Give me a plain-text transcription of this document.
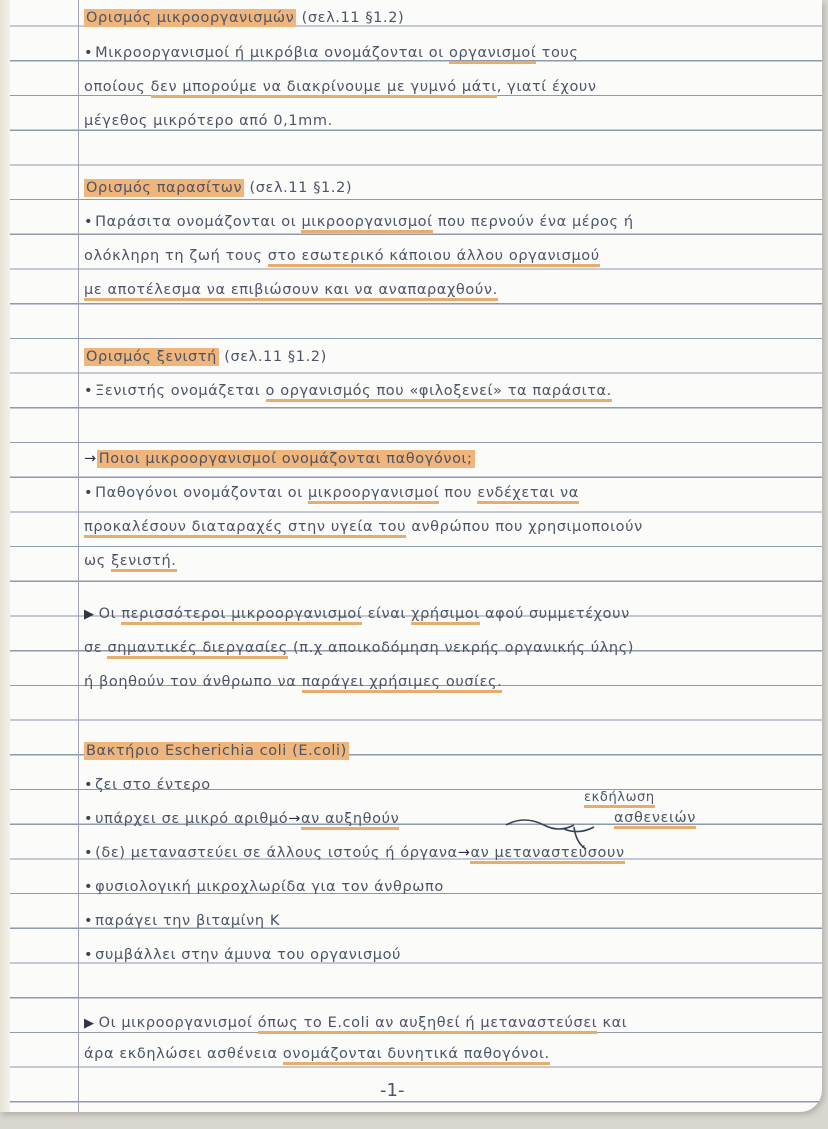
Ορισμός μικροοργανισμών (σελ.11 §1.2)
• Μικροοργανισμοί ή μικρόβια ονομάζονται οι οργανισμοί τους
οποίους δεν μπορούμε να διακρίνουμε με γυμνό μάτι, γιατί έχουν
μέγεθος μικρότερο από 0,1mm.
Ορισμός παρασίτων (σελ.11 §1.2)
• Παράσιτα ονομάζονται οι μικροοργανισμοί που περνούν ένα μέρος ή
ολόκληρη τη ζωή τους στο εσωτερικό κάποιου άλλου οργανισμού
με αποτέλεσμα να επιβιώσουν και να αναπαραχθούν.
Ορισμός ξενιστή (σελ.11 §1.2)
• Ξενιστής ονομάζεται ο οργανισμός που «φιλοξενεί» τα παράσιτα.
→ Ποιοι μικροοργανισμοί ονομάζονται παθογόνοι;
• Παθογόνοι ονομάζονται οι μικροοργανισμοί που ενδέχεται να
προκαλέσουν διαταραχές στην υγεία του ανθρώπου που χρησιμοποιούν
ως ξενιστή.
▶ Οι περισσότεροι μικροοργανισμοί είναι χρήσιμοι αφού συμμετέχουν
σε σημαντικές διεργασίες (π.χ αποικοδόμηση νεκρής οργανικής ύλης)
ή βοηθούν τον άνθρωπο να παράγει χρήσιμες ουσίες.
Βακτήριο Escherichia coli (E.coli)
• ζει στο έντερο
• υπάρχει σε μικρό αριθμό→αν αυξηθούν
• (δε) μεταναστεύει σε άλλους ιστούς ή όργανα→αν μεταναστεύσουν
• φυσιολογική μικροχλωρίδα για τον άνθρωπο
• παράγει την βιταμίνη Κ
• συμβάλλει στην άμυνα του οργανισμού
εκδήλωση
ασθενειών
▶ Οι μικροοργανισμοί όπως το E.coli αν αυξηθεί ή μεταναστεύσει και
άρα εκδηλώσει ασθένεια ονομάζονται δυνητικά παθογόνοι.
-1-
